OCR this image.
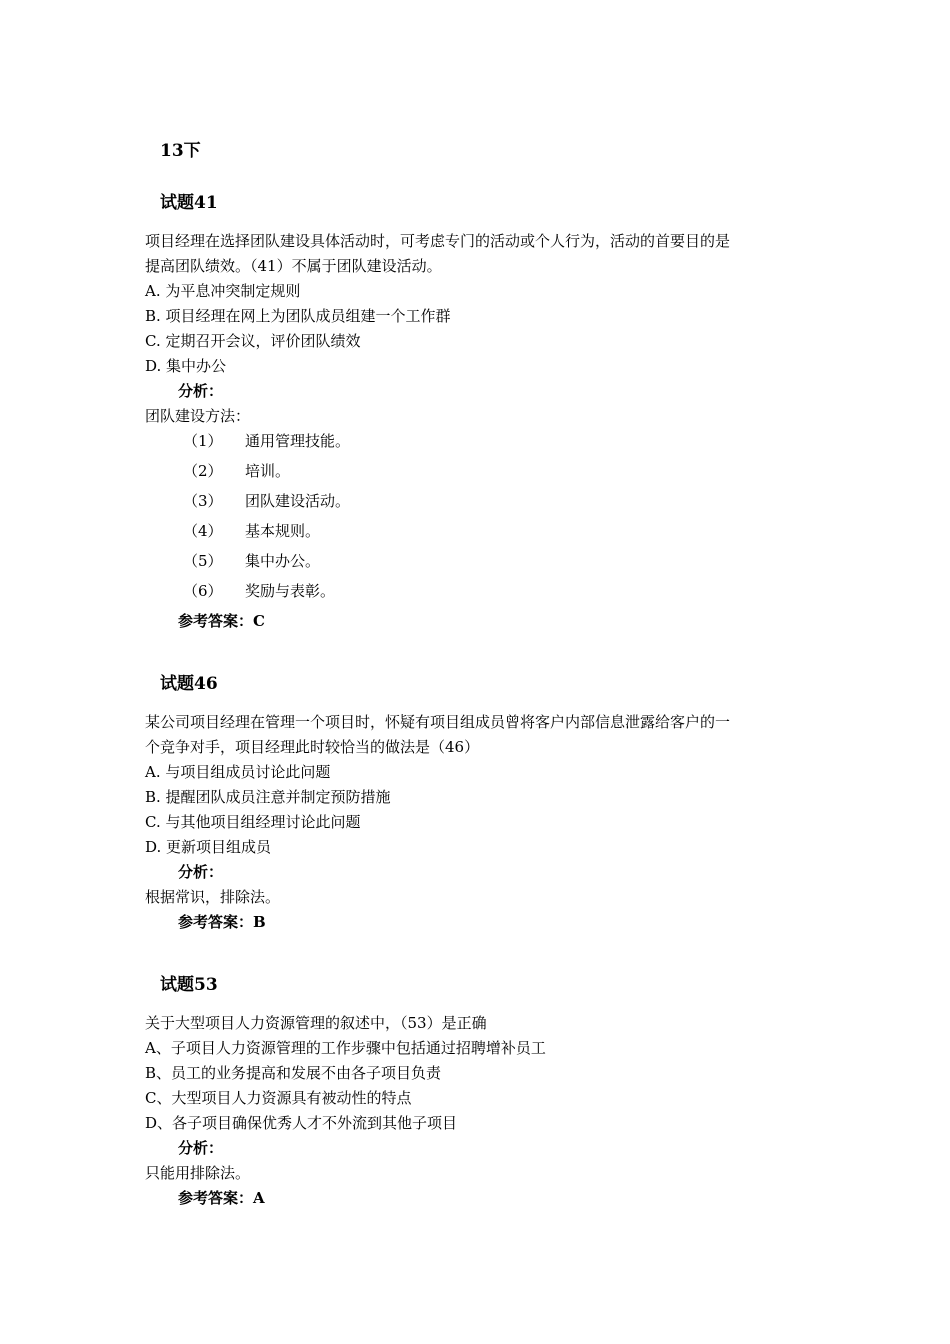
13下
试题41
项目经理在选择团队建设具体活动时，可考虑专门的活动或个人行为，活动的首要目的是
提高团队绩效。（41）不属于团队建设活动。
A. 为平息冲突制定规则
B. 项目经理在网上为团队成员组建一个工作群
C. 定期召开会议，评价团队绩效
D. 集中办公
分析：
团队建设方法：
（1） 通用管理技能。
（2） 培训。
（3） 团队建设活动。
（4） 基本规则。
（5） 集中办公。
（6） 奖励与表彰。
参考答案：C
试题46
某公司项目经理在管理一个项目时，怀疑有项目组成员曾将客户内部信息泄露给客户的一
个竞争对手，项目经理此时较恰当的做法是（46）
A. 与项目组成员讨论此问题
B. 提醒团队成员注意并制定预防措施
C. 与其他项目组经理讨论此问题
D. 更新项目组成员
分析：
根据常识，排除法。
参考答案：B
试题53
关于大型项目人力资源管理的叙述中，（53）是正确
A、子项目人力资源管理的工作步骤中包括通过招聘增补员工
B、员工的业务提高和发展不由各子项目负责
C、大型项目人力资源具有被动性的特点
D、各子项目确保优秀人才不外流到其他子项目
分析：
只能用排除法。
参考答案：A
